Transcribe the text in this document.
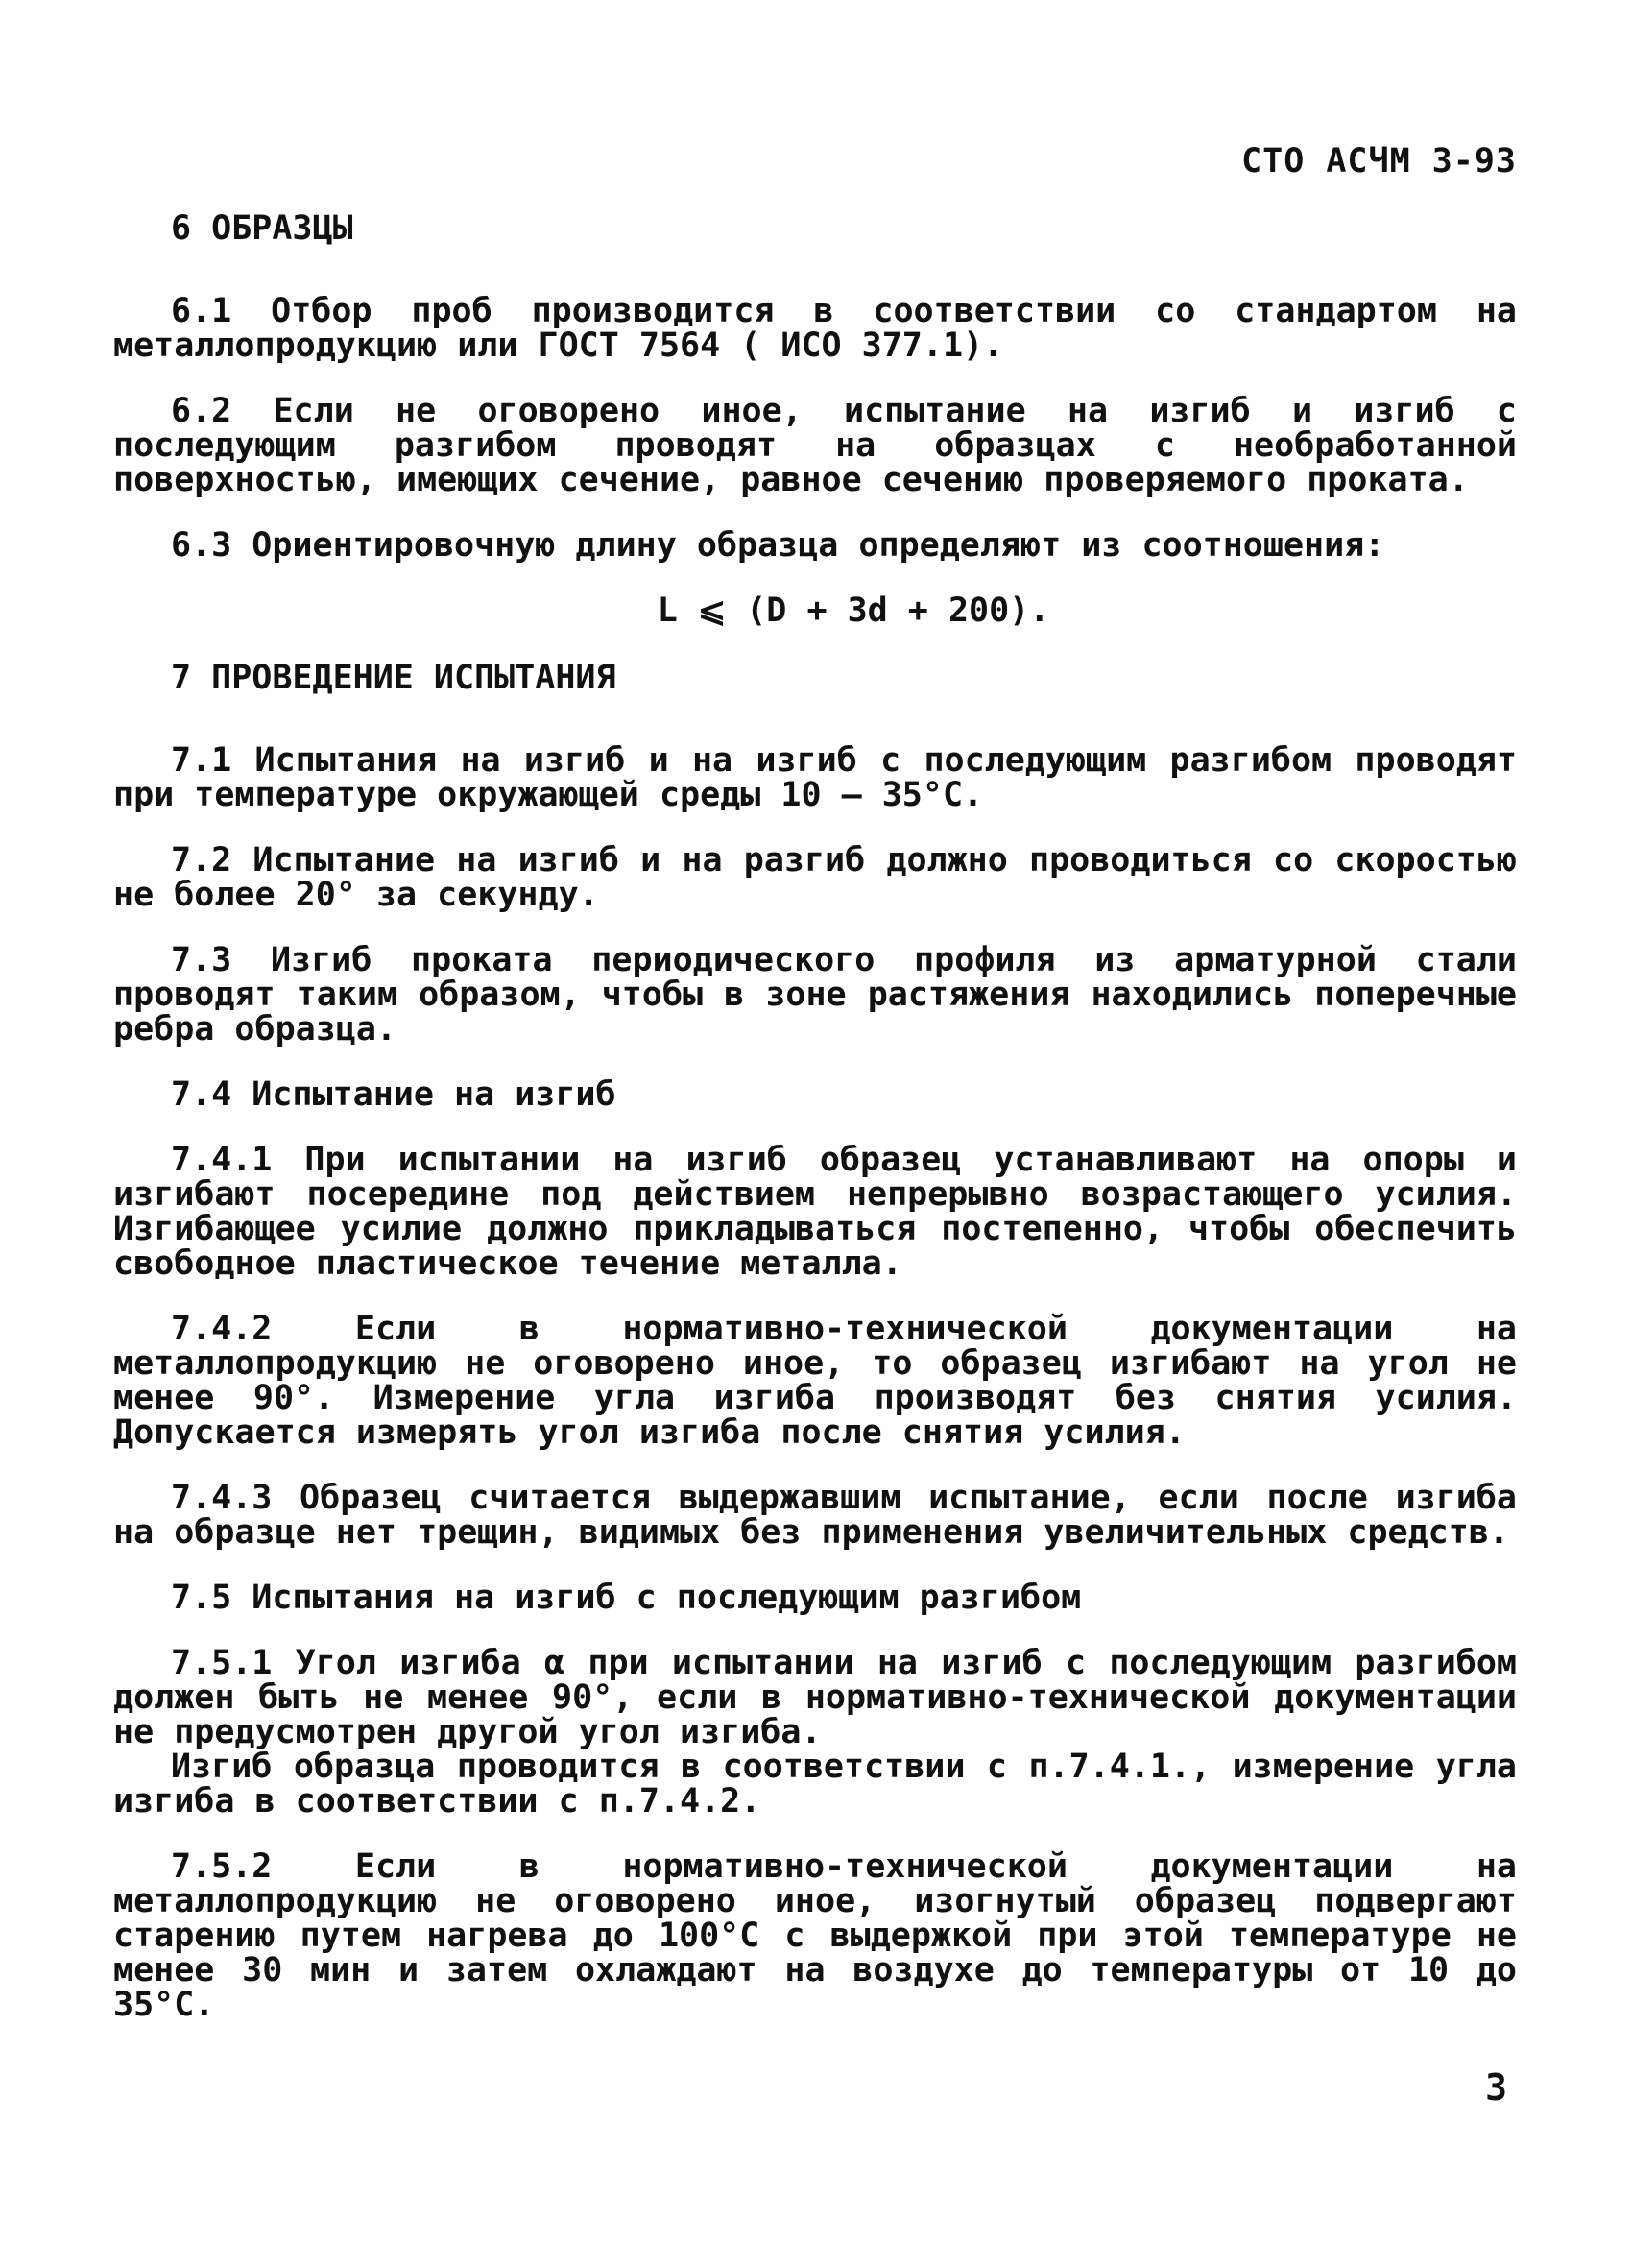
СТО АСЧМ 3-93
6 ОБРАЗЦЫ

6.1 Отбор проб производится в соответствии со стандартом на металлопродукцию или ГОСТ 7564 ( ИСО 377.1).

6.2 Если не оговорено иное, испытание на изгиб и изгиб с последующим разгибом проводят на образцах с необработанной поверхностью, имеющих сечение, равное сечению проверяемого проката.

6.3 Ориентировочную длину образца определяют из соотношения:

L ⩽ (D + 3d + 200).
7 ПРОВЕДЕНИЕ ИСПЫТАНИЯ

7.1 Испытания на изгиб и на изгиб с последующим разгибом проводят при температуре окружающей среды 10 – 35°С.

7.2 Испытание на изгиб и на разгиб должно проводиться со скоростью не более 20° за секунду.

7.3 Изгиб проката периодического профиля из арматурной стали проводят таким образом, чтобы в зоне растяжения находились поперечные ребра образца.

7.4 Испытание на изгиб

7.4.1 При испытании на изгиб образец устанавливают на опоры и изгибают посередине под действием непрерывно возрастающего усилия. Изгибающее усилие должно прикладываться постепенно, чтобы обеспечить свободное пластическое течение металла.

7.4.2 Если в нормативно-технической документации на металлопродукцию не оговорено иное, то образец изгибают на угол не менее 90°. Измерение угла изгиба производят без снятия усилия. Допускается измерять угол изгиба после снятия усилия.

7.4.3 Образец считается выдержавшим испытание, если после изгиба на образце нет трещин, видимых без применения увеличительных средств.

7.5 Испытания на изгиб с последующим разгибом

7.5.1 Угол изгиба α при испытании на изгиб с последующим разгибом должен быть не менее 90°, если в нормативно-технической документации не предусмотрен другой угол изгиба.

Изгиб образца проводится в соответствии с п.7.4.1., измерение угла изгиба в соответствии с п.7.4.2.

7.5.2 Если в нормативно-технической документации на металлопродукцию не оговорено иное, изогнутый образец подвергают старению путем нагрева до 100°С с выдержкой при этой температуре не менее 30 мин и затем охлаждают на воздухе до температуры от 10 до 35°С.

3
